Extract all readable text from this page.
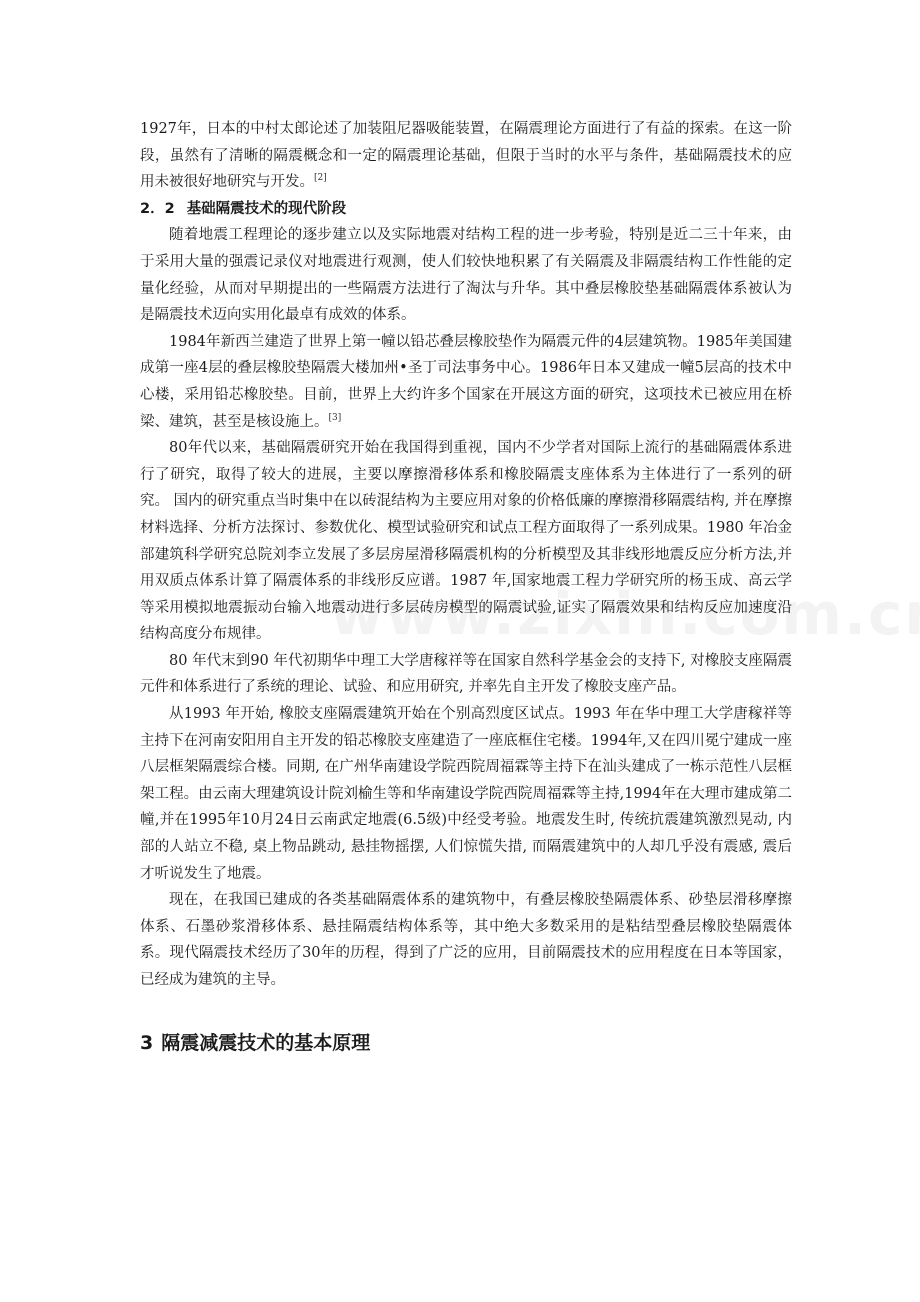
1927年，日本的中村太郎论述了加装阻尼器吸能装置，在隔震理论方面进行了有益的探索。在这一阶段，虽然有了清晰的隔震概念和一定的隔震理论基础，但限于当时的水平与条件，基础隔震技术的应用未被很好地研究与开发。[2]

2．2 基础隔震技术的现代阶段

随着地震工程理论的逐步建立以及实际地震对结构工程的进一步考验，特别是近二三十年来，由于采用大量的强震记录仪对地震进行观测，使人们较快地积累了有关隔震及非隔震结构工作性能的定量化经验，从而对早期提出的一些隔震方法进行了淘汰与升华。其中叠层橡胶垫基础隔震体系被认为是隔震技术迈向实用化最卓有成效的体系。

1984年新西兰建造了世界上第一幢以铅芯叠层橡胶垫作为隔震元件的4层建筑物。1985年美国建成第一座4层的叠层橡胶垫隔震大楼加州•圣丁司法事务中心。1986年日本又建成一幢5层高的技术中心楼，采用铅芯橡胶垫。目前，世界上大约许多个国家在开展这方面的研究，这项技术已被应用在桥梁、建筑，甚至是核设施上。[3]

80年代以来，基础隔震研究开始在我国得到重视，国内不少学者对国际上流行的基础隔震体系进行了研究，取得了较大的进展，主要以摩擦滑移体系和橡胶隔震支座体系为主体进行了一系列的研究。 国内的研究重点当时集中在以砖混结构为主要应用对象的价格低廉的摩擦滑移隔震结构, 并在摩擦材料选择、分析方法探讨、参数优化、模型试验研究和试点工程方面取得了一系列成果。1980 年冶金部建筑科学研究总院刘李立发展了多层房屋滑移隔震机构的分析模型及其非线形地震反应分析方法,并用双质点体系计算了隔震体系的非线形反应谱。1987 年,国家地震工程力学研究所的杨玉成、高云学等采用模拟地震振动台输入地震动进行多层砖房模型的隔震试验,证实了隔震效果和结构反应加速度沿结构高度分布规律。

80 年代末到90 年代初期华中理工大学唐稼祥等在国家自然科学基金会的支持下, 对橡胶支座隔震元件和体系进行了系统的理论、试验、和应用研究, 并率先自主开发了橡胶支座产品。

从1993 年开始, 橡胶支座隔震建筑开始在个别高烈度区试点。1993 年在华中理工大学唐稼祥等主持下在河南安阳用自主开发的铅芯橡胶支座建造了一座底框住宅楼。1994年,又在四川冕宁建成一座八层框架隔震综合楼。同期, 在广州华南建设学院西院周福霖等主持下在汕头建成了一栋示范性八层框架工程。由云南大理建筑设计院刘榆生等和华南建设学院西院周福霖等主持,1994年在大理市建成第二幢,并在1995年10月24日云南武定地震(6.5级)中经受考验。地震发生时, 传统抗震建筑激烈晃动, 内部的人站立不稳, 桌上物品跳动, 悬挂物摇摆, 人们惊慌失措, 而隔震建筑中的人却几乎没有震感, 震后才听说发生了地震。

现在，在我国已建成的各类基础隔震体系的建筑物中，有叠层橡胶垫隔震体系、砂垫层滑移摩擦体系、石墨砂浆滑移体系、悬挂隔震结构体系等，其中绝大多数采用的是粘结型叠层橡胶垫隔震体系。现代隔震技术经历了30年的历程，得到了广泛的应用，目前隔震技术的应用程度在日本等国家，已经成为建筑的主导。

3 隔震减震技术的基本原理
